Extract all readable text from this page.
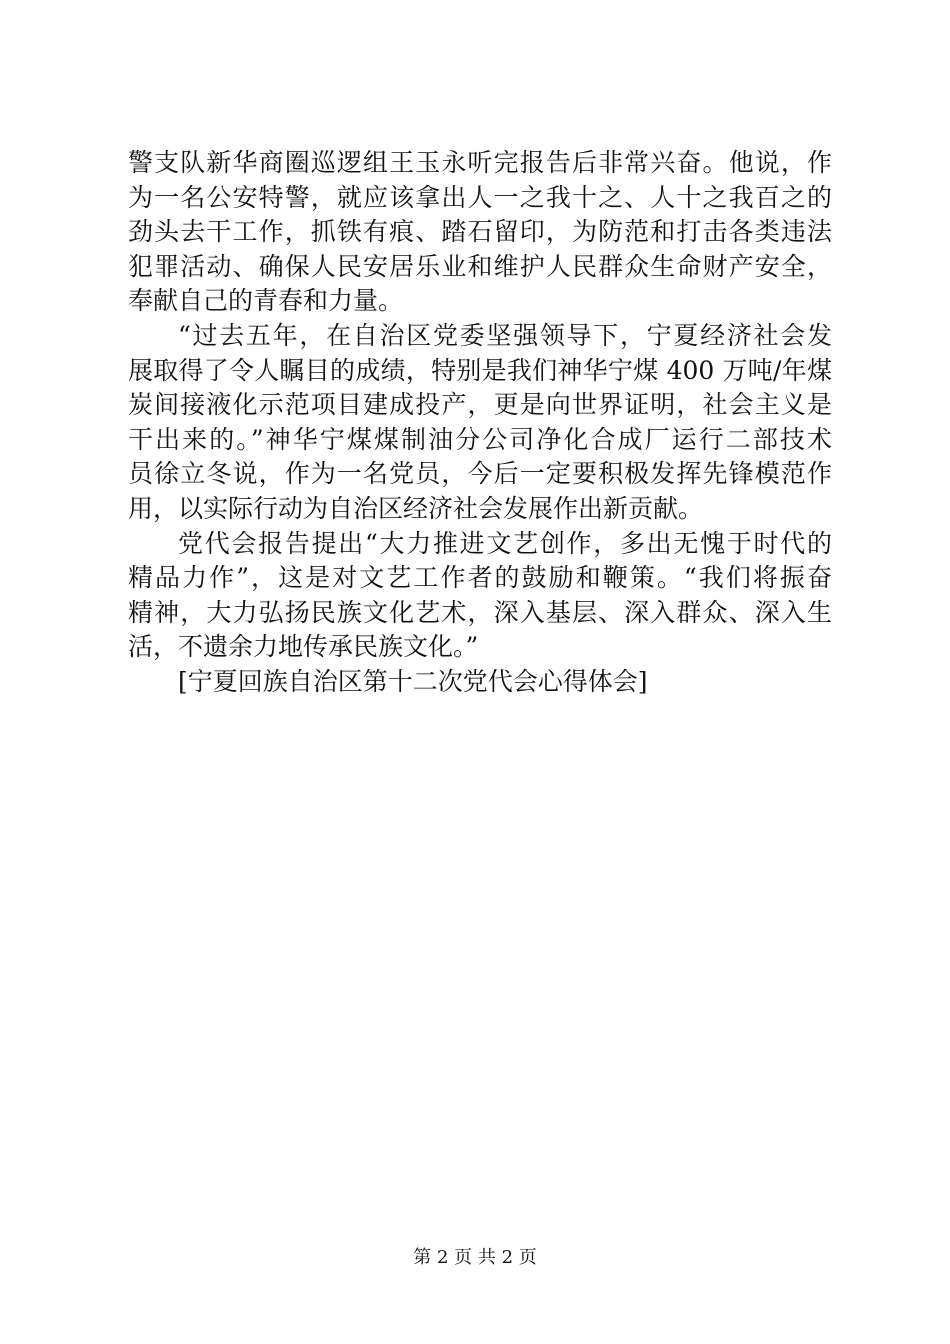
警支队新华商圈巡逻组王玉永听完报告后非常兴奋。他说，作
为一名公安特警，就应该拿出人一之我十之、人十之我百之的
劲头去干工作，抓铁有痕、踏石留印，为防范和打击各类违法
犯罪活动、确保人民安居乐业和维护人民群众生命财产安全，
奉献自己的青春和力量。
“过去五年，在自治区党委坚强领导下，宁夏经济社会发
展取得了令人瞩目的成绩，特别是我们神华宁煤 400 万吨/年煤
炭间接液化示范项目建成投产，更是向世界证明，社会主义是
干出来的。”神华宁煤煤制油分公司净化合成厂运行二部技术
员徐立冬说，作为一名党员，今后一定要积极发挥先锋模范作
用，以实际行动为自治区经济社会发展作出新贡献。
党代会报告提出“大力推进文艺创作，多出无愧于时代的
精品力作”，这是对文艺工作者的鼓励和鞭策。“我们将振奋
精神，大力弘扬民族文化艺术，深入基层、深入群众、深入生
活，不遗余力地传承民族文化。”
[宁夏回族自治区第十二次党代会心得体会]
第 2 页 共 2 页
